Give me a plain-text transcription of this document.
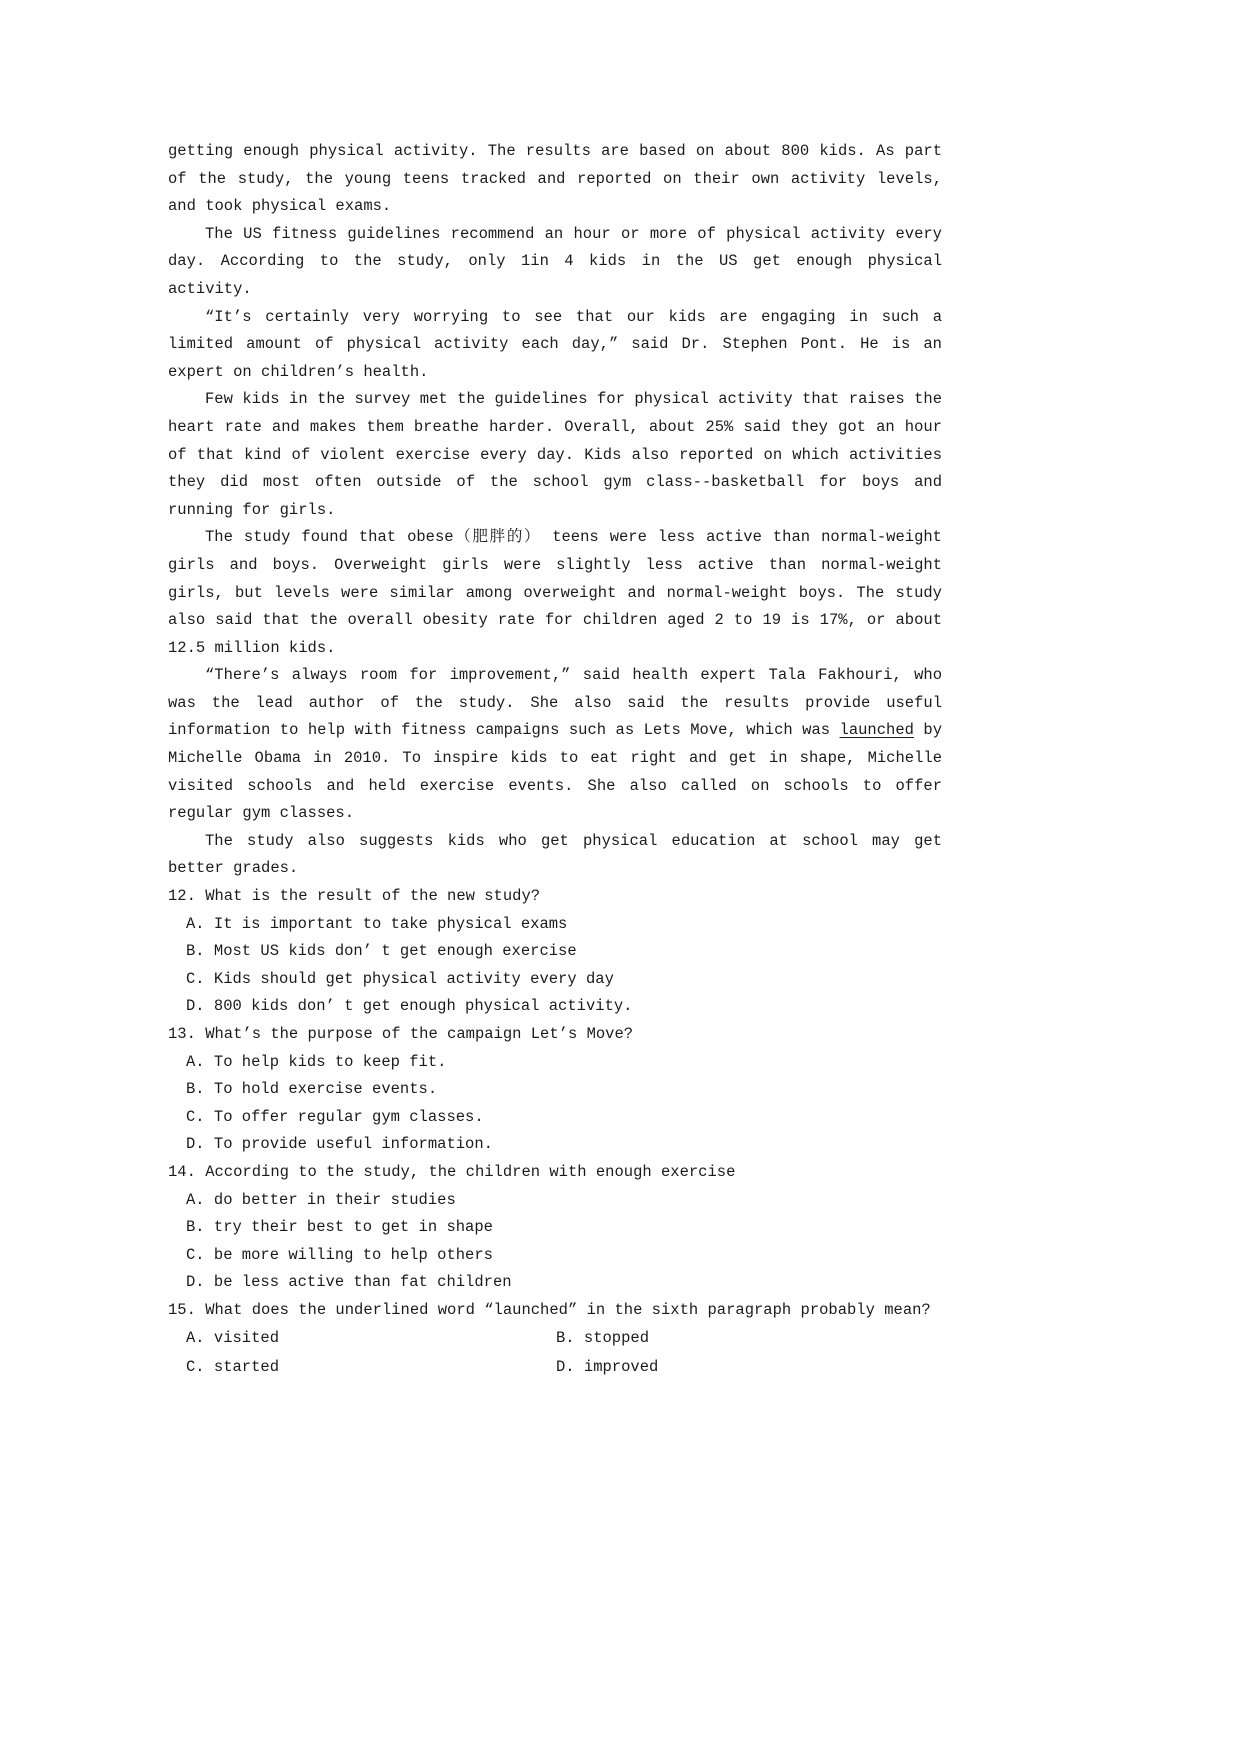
getting enough physical activity. The results are based on about 800 kids. As part of the study, the young teens tracked and reported on their own activity levels, and took physical exams.

The US fitness guidelines recommend an hour or more of physical activity every day. According to the study, only 1in 4 kids in the US get enough physical activity.

“It’s certainly very worrying to see that our kids are engaging in such a limited amount of physical activity each day,” said Dr. Stephen Pont. He is an expert on children’s health.

Few kids in the survey met the guidelines for physical activity that raises the heart rate and makes them breathe harder. Overall, about 25% said they got an hour of that kind of violent exercise every day. Kids also reported on which activities they did most often outside of the school gym class--basketball for boys and running for girls.

The study found that obese（肥胖的） teens were less active than normal-weight girls and boys. Overweight girls were slightly less active than normal-weight girls, but levels were similar among overweight and normal-weight boys. The study also said that the overall obesity rate for children aged 2 to 19 is 17%, or about 12.5 million kids.

“There’s always room for improvement,” said health expert Tala Fakhouri, who was the lead author of the study. She also said the results provide useful information to help with fitness campaigns such as Lets Move, which was launched by Michelle Obama in 2010. To inspire kids to eat right and get in shape, Michelle visited schools and held exercise events. She also called on schools to offer regular gym classes.

The study also suggests kids who get physical education at school may get better grades.

12. What is the result of the new study?

A. It is important to take physical exams

B. Most US kids don’ t get enough exercise

C. Kids should get physical activity every day

D. 800 kids don’ t get enough physical activity.

13. What’s the purpose of the campaign Let’s Move?

A. To help kids to keep fit.

B. To hold exercise events.

C. To offer regular gym classes.

D. To provide useful information.

14. According to the study, the children with enough exercise

A. do better in their studies

B. try their best to get in shape

C. be more willing to help others

D. be less active than fat children

15. What does the underlined word “launched” in the sixth paragraph probably mean?

A. visited	B. stopped

C. started	D. improved
